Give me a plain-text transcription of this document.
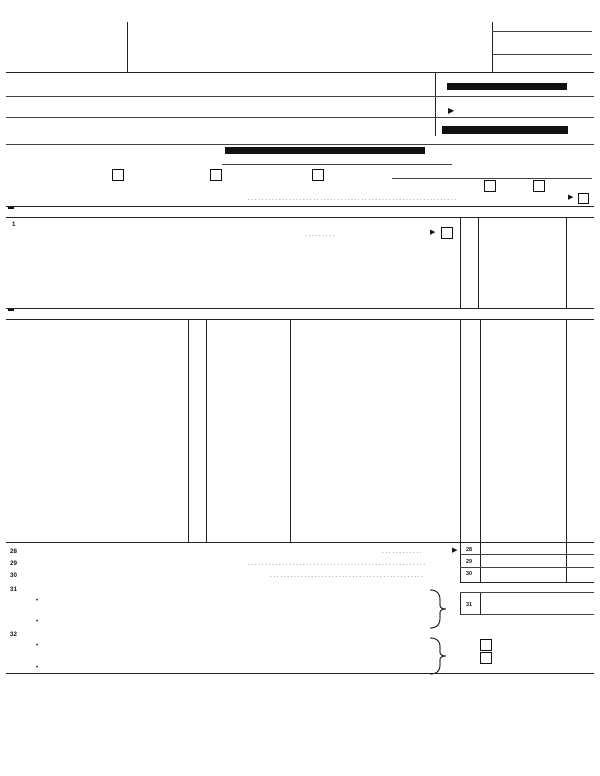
▶
. . . . . . . . . . . . . . . . . . . . . . . . . . . . . . . . . . . . . . . . . . . . . . . . . . . . . . . . . . . . .	▶
1
. . . . . . . . .	▶
28	. . . . . . . . . . . .	▶ 28
29	. . . . . . . . . . . . . . . . . . . . . . . . . . . . . . . . . . . . . . . . . . . . . . . . . . . .	29
30	. . . . . . . . . . . . . . . . . . . . . . . . . . . . . . . . . . . . . . . . . . . . .	30
31
•
•
31
32
•
•
